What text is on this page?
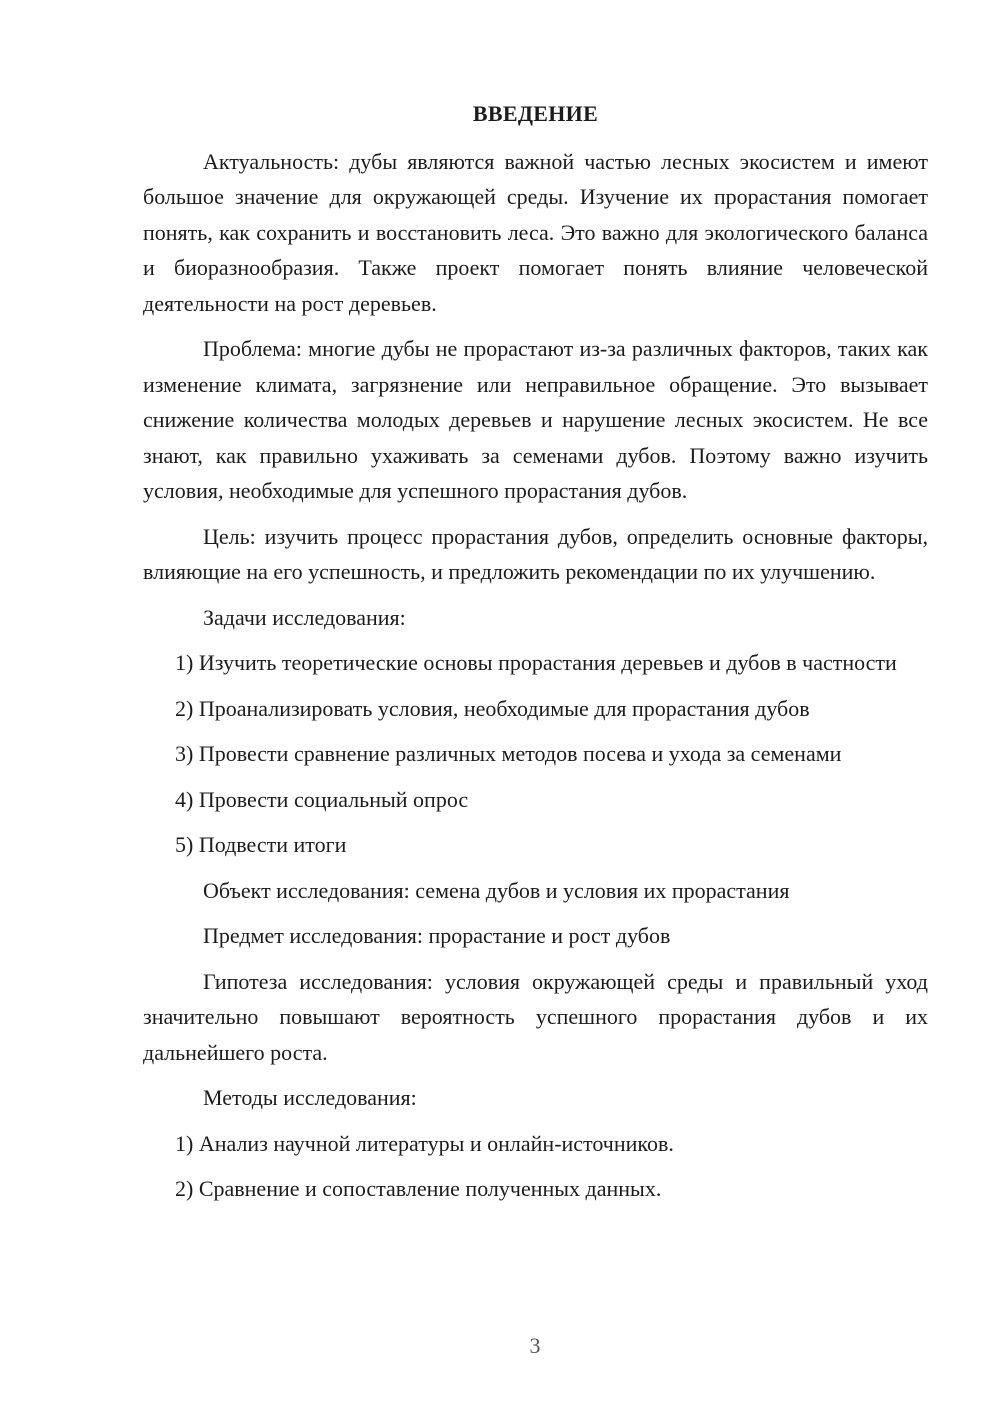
ВВЕДЕНИЕ
Актуальность: дубы являются важной частью лесных экосистем и имеют большое значение для окружающей среды. Изучение их прорастания помогает понять, как сохранить и восстановить леса. Это важно для экологического баланса и биоразнообразия. Также проект помогает понять влияние человеческой деятельности на рост деревьев.
Проблема: многие дубы не прорастают из-за различных факторов, таких как изменение климата, загрязнение или неправильное обращение. Это вызывает снижение количества молодых деревьев и нарушение лесных экосистем. Не все знают, как правильно ухаживать за семенами дубов. Поэтому важно изучить условия, необходимые для успешного прорастания дубов.
Цель: изучить процесс прорастания дубов, определить основные факторы, влияющие на его успешность, и предложить рекомендации по их улучшению.
Задачи исследования:
1) Изучить теоретические основы прорастания деревьев и дубов в частности
2) Проанализировать условия, необходимые для прорастания дубов
3) Провести сравнение различных методов посева и ухода за семенами
4) Провести социальный опрос
5) Подвести итоги
Объект исследования: семена дубов и условия их прорастания
Предмет исследования: прорастание и рост дубов
Гипотеза исследования: условия окружающей среды и правильный уход значительно повышают вероятность успешного прорастания дубов и их дальнейшего роста.
Методы исследования:
1) Анализ научной литературы и онлайн-источников.
2) Сравнение и сопоставление полученных данных.
3
